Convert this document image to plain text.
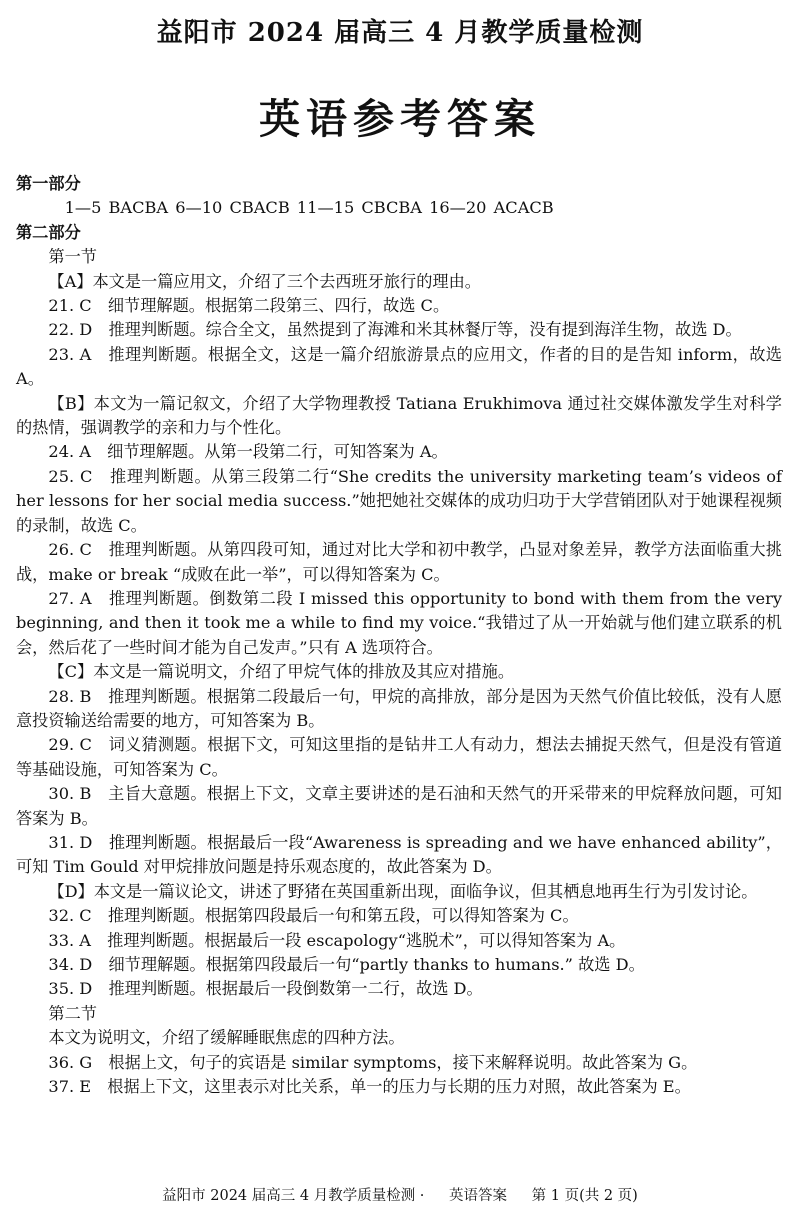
益阳市 2024 届高三 4 月教学质量检测
英语参考答案

第一部分

1—5 BACBA 6—10 CBACB 11—15 CBCBA 16—20 ACACB

第二部分

第一节

【A】本文是一篇应用文，介绍了三个去西班牙旅行的理由。

21. C　细节理解题。根据第二段第三、四行，故选 C。

22. D　推理判断题。综合全文，虽然提到了海滩和米其林餐厅等，没有提到海洋生物，故选 D。

23. A　推理判断题。根据全文，这是一篇介绍旅游景点的应用文，作者的目的是告知 inform，故选 A。

【B】本文为一篇记叙文，介绍了大学物理教授 Tatiana Erukhimova 通过社交媒体激发学生对科学的热情，强调教学的亲和力与个性化。

24. A　细节理解题。从第一段第二行，可知答案为 A。

25. C　推理判断题。从第三段第二行“She credits the university marketing team’s videos of her lessons for her social media success.”她把她社交媒体的成功归功于大学营销团队对于她课程视频的录制，故选 C。

26. C　推理判断题。从第四段可知，通过对比大学和初中教学，凸显对象差异，教学方法面临重大挑战，make or break “成败在此一举”，可以得知答案为 C。

27. A　推理判断题。倒数第二段 I missed this opportunity to bond with them from the very beginning, and then it took me a while to find my voice.“我错过了从一开始就与他们建立联系的机会，然后花了一些时间才能为自己发声。”只有 A 选项符合。

【C】本文是一篇说明文，介绍了甲烷气体的排放及其应对措施。

28. B　推理判断题。根据第二段最后一句，甲烷的高排放，部分是因为天然气价值比较低，没有人愿意投资输送给需要的地方，可知答案为 B。

29. C　词义猜测题。根据下文，可知这里指的是钻井工人有动力，想法去捕捉天然气，但是没有管道等基础设施，可知答案为 C。

30. B　主旨大意题。根据上下文，文章主要讲述的是石油和天然气的开采带来的甲烷释放问题，可知答案为 B。

31. D　推理判断题。根据最后一段“Awareness is spreading and we have enhanced ability”，可知 Tim Gould 对甲烷排放问题是持乐观态度的，故此答案为 D。

【D】本文是一篇议论文，讲述了野猪在英国重新出现，面临争议，但其栖息地再生行为引发讨论。

32. C　推理判断题。根据第四段最后一句和第五段，可以得知答案为 C。

33. A　推理判断题。根据最后一段 escapology“逃脱术”，可以得知答案为 A。

34. D　细节理解题。根据第四段最后一句“partly thanks to humans.” 故选 D。

35. D　推理判断题。根据最后一段倒数第一二行，故选 D。

第二节

本文为说明文，介绍了缓解睡眠焦虑的四种方法。

36. G　根据上文，句子的宾语是 similar symptoms，接下来解释说明。故此答案为 G。

37. E　根据上下文，这里表示对比关系，单一的压力与长期的压力对照，故此答案为 E。

益阳市 2024 届高三 4 月教学质量检测 · 英语答案 第 1 页(共 2 页)
